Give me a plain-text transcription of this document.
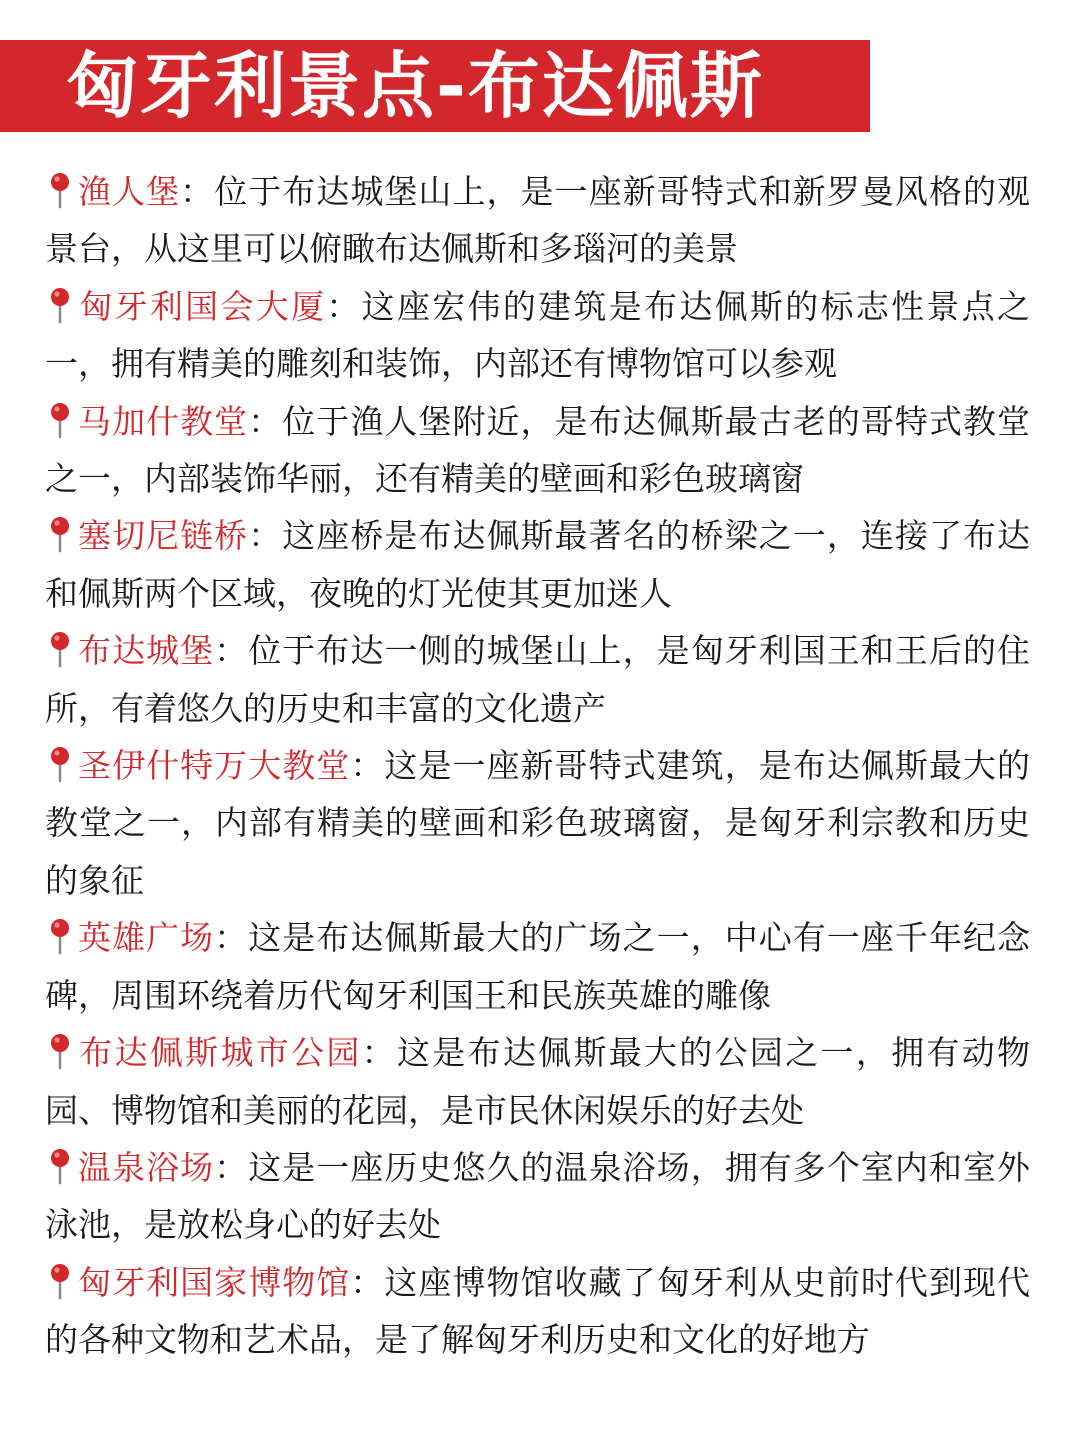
匈牙利景点-布达佩斯

渔人堡：位于布达城堡山上，是一座新哥特式和新罗曼风格的观景台，从这里可以俯瞰布达佩斯和多瑙河的美景

匈牙利国会大厦：这座宏伟的建筑是布达佩斯的标志性景点之一，拥有精美的雕刻和装饰，内部还有博物馆可以参观

马加什教堂：位于渔人堡附近，是布达佩斯最古老的哥特式教堂之一，内部装饰华丽，还有精美的壁画和彩色玻璃窗

塞切尼链桥：这座桥是布达佩斯最著名的桥梁之一，连接了布达和佩斯两个区域，夜晚的灯光使其更加迷人

布达城堡：位于布达一侧的城堡山上，是匈牙利国王和王后的住所，有着悠久的历史和丰富的文化遗产

圣伊什特万大教堂：这是一座新哥特式建筑，是布达佩斯最大的教堂之一，内部有精美的壁画和彩色玻璃窗，是匈牙利宗教和历史的象征

英雄广场：这是布达佩斯最大的广场之一，中心有一座千年纪念碑，周围环绕着历代匈牙利国王和民族英雄的雕像

布达佩斯城市公园：这是布达佩斯最大的公园之一，拥有动物园、博物馆和美丽的花园，是市民休闲娱乐的好去处

温泉浴场：这是一座历史悠久的温泉浴场，拥有多个室内和室外泳池，是放松身心的好去处

匈牙利国家博物馆：这座博物馆收藏了匈牙利从史前时代到现代的各种文物和艺术品，是了解匈牙利历史和文化的好地方
